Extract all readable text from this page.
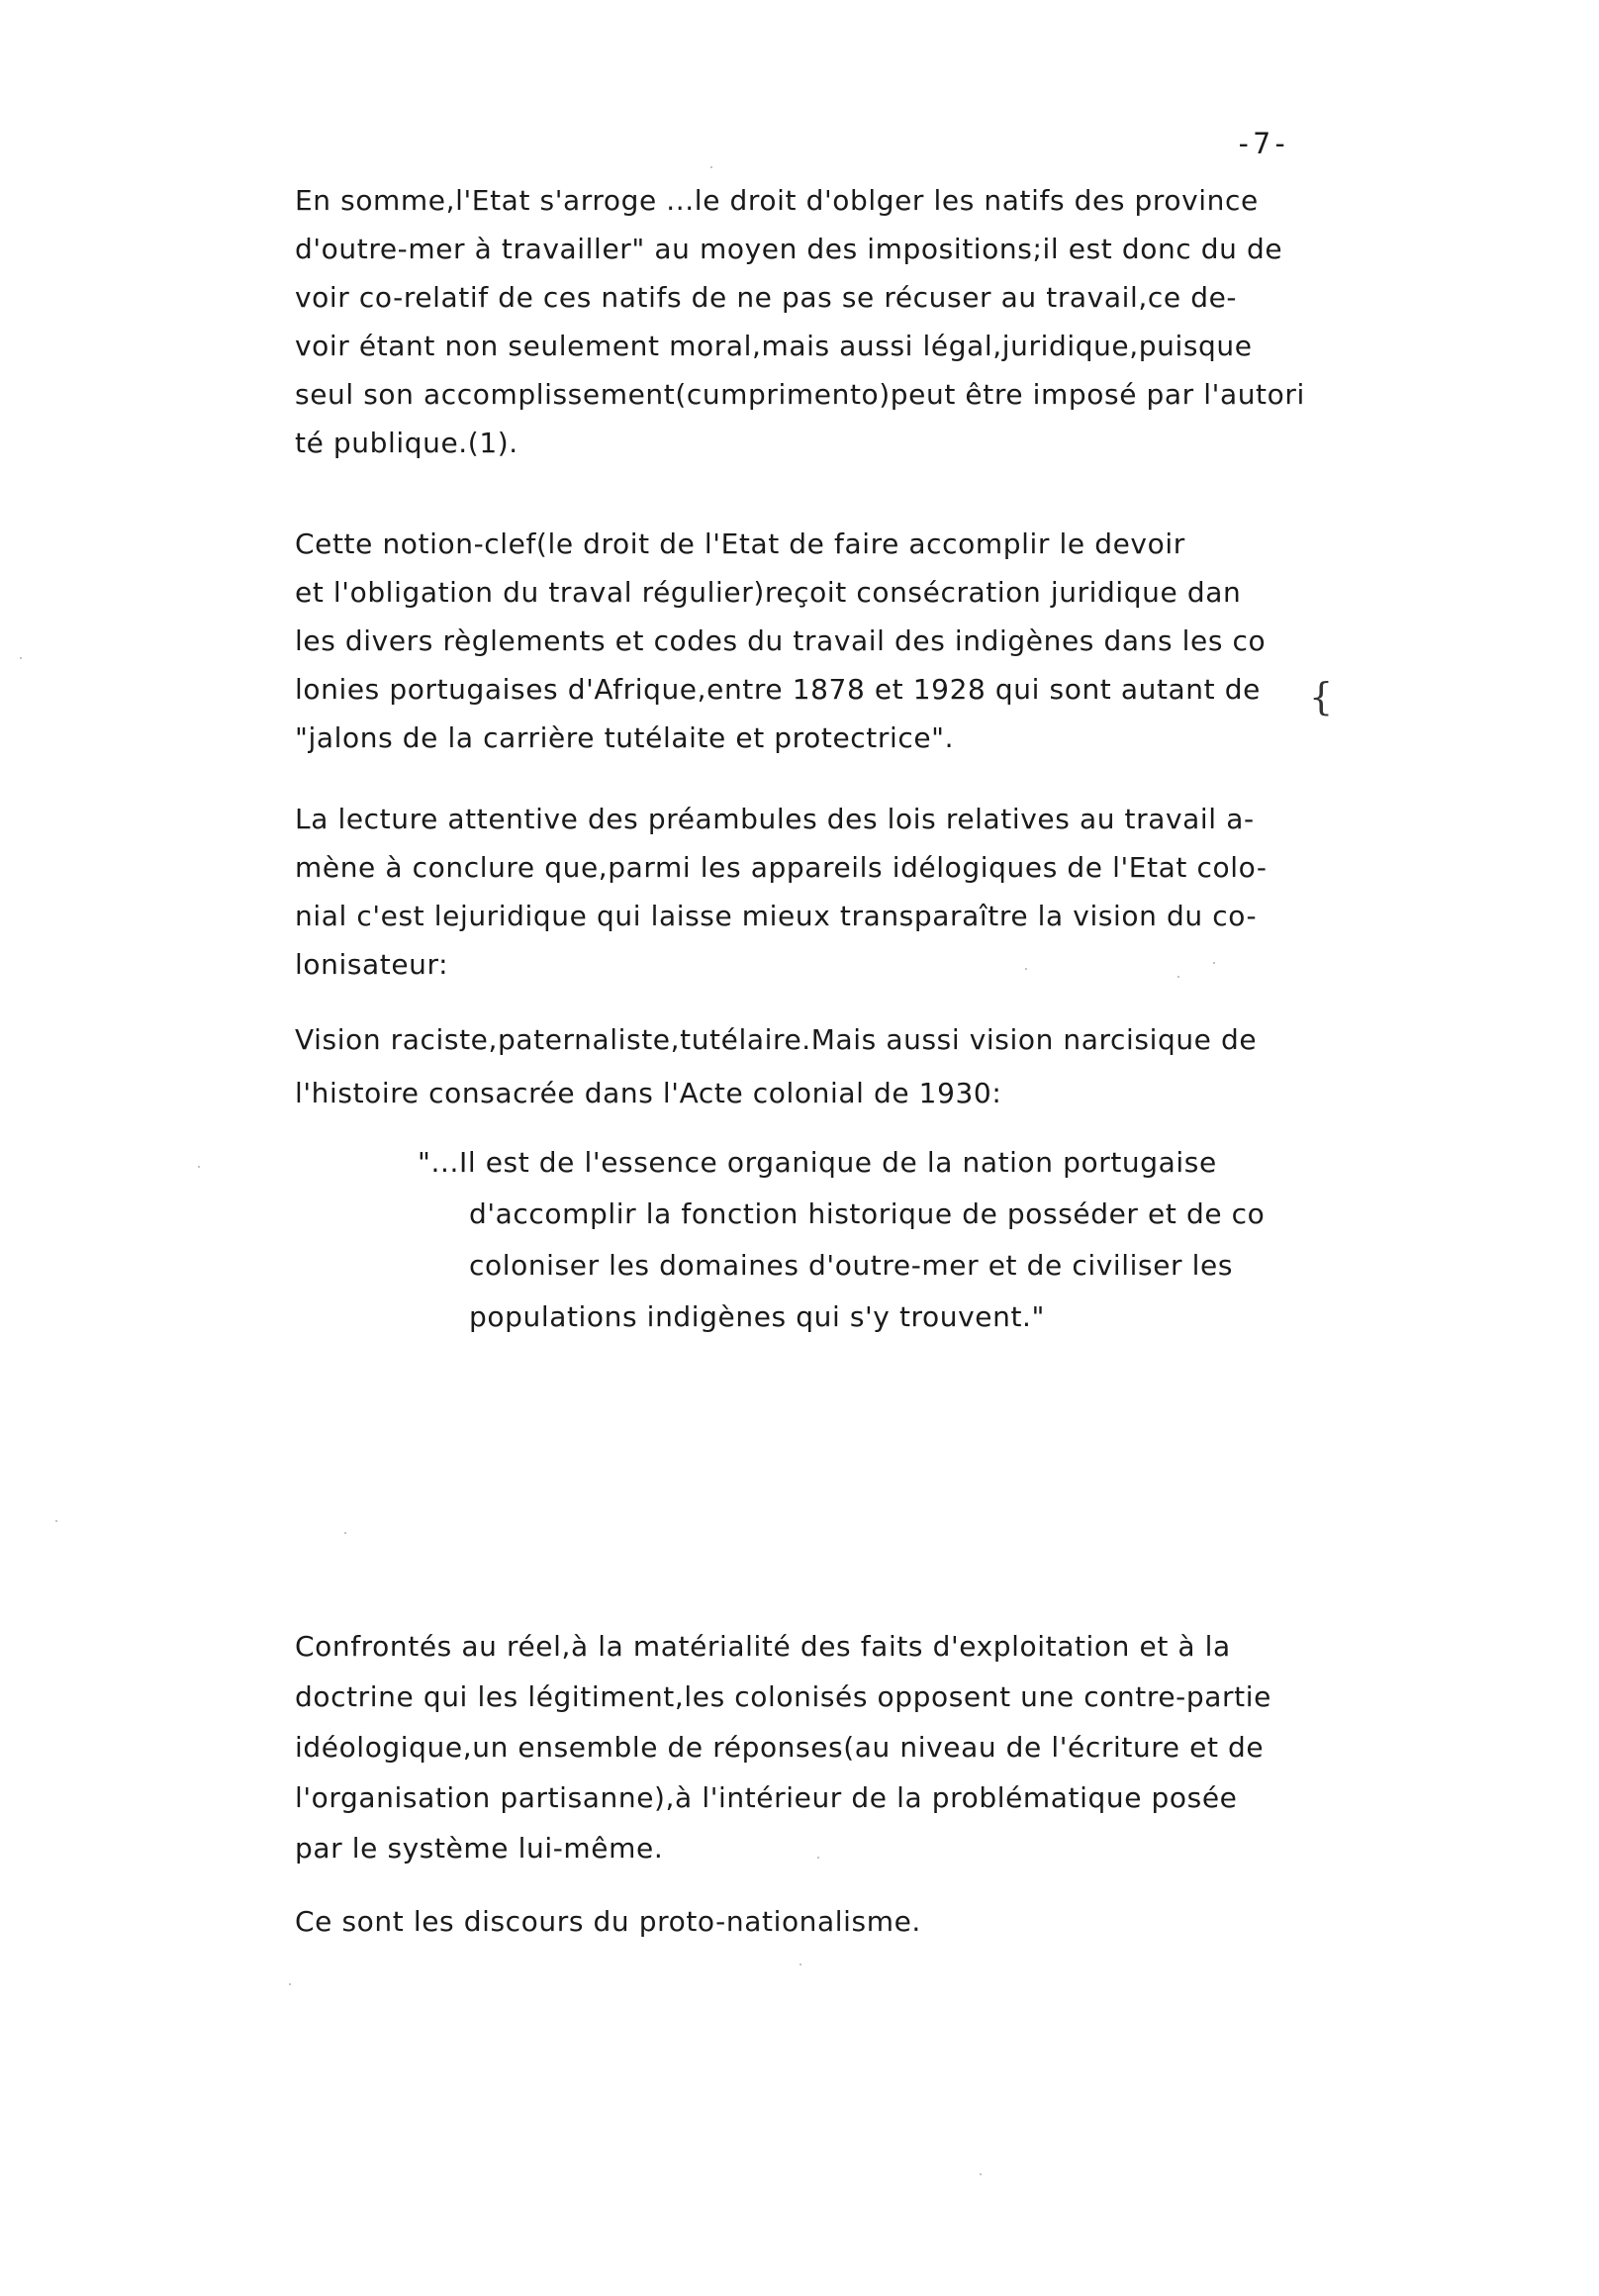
-7-
En somme,l'Etat s'arroge ...le droit d'oblger les natifs des province
d'outre-mer à travailler" au moyen des impositions;il est donc du de
voir co-relatif de ces natifs de ne pas se récuser au travail,ce de-
voir étant non seulement moral,mais aussi légal,juridique,puisque
seul son accomplissement(cumprimento)peut être imposé par l'autori
té publique.(1).
Cette notion-clef(le droit de l'Etat de faire accomplir le devoir
et l'obligation du traval régulier)reçoit consécration juridique dan
les divers règlements et codes du travail des indigènes dans les co
lonies portugaises d'Afrique,entre 1878 et 1928 qui sont autant de
"jalons de la carrière tutélaite et protectrice".
{
La lecture attentive des préambules des lois relatives au travail a-
mène à conclure que,parmi les appareils idélogiques de l'Etat colo-
nial c'est lejuridique qui laisse mieux transparaître la vision du co-
lonisateur:
Vision raciste,paternaliste,tutélaire.Mais aussi vision narcisique de
l'histoire consacrée dans l'Acte colonial de 1930:
"...Il est de l'essence organique de la nation portugaise
d'accomplir la fonction historique de posséder et de co
coloniser les domaines d'outre-mer et de civiliser les
populations indigènes qui s'y trouvent."
Confrontés au réel,à la matérialité des faits d'exploitation et à la
doctrine qui les légitiment,les colonisés opposent une contre-partie
idéologique,un ensemble de réponses(au niveau de l'écriture et de
l'organisation partisanne),à l'intérieur de la problématique posée
par le système lui-même.
Ce sont les discours du proto-nationalisme.
